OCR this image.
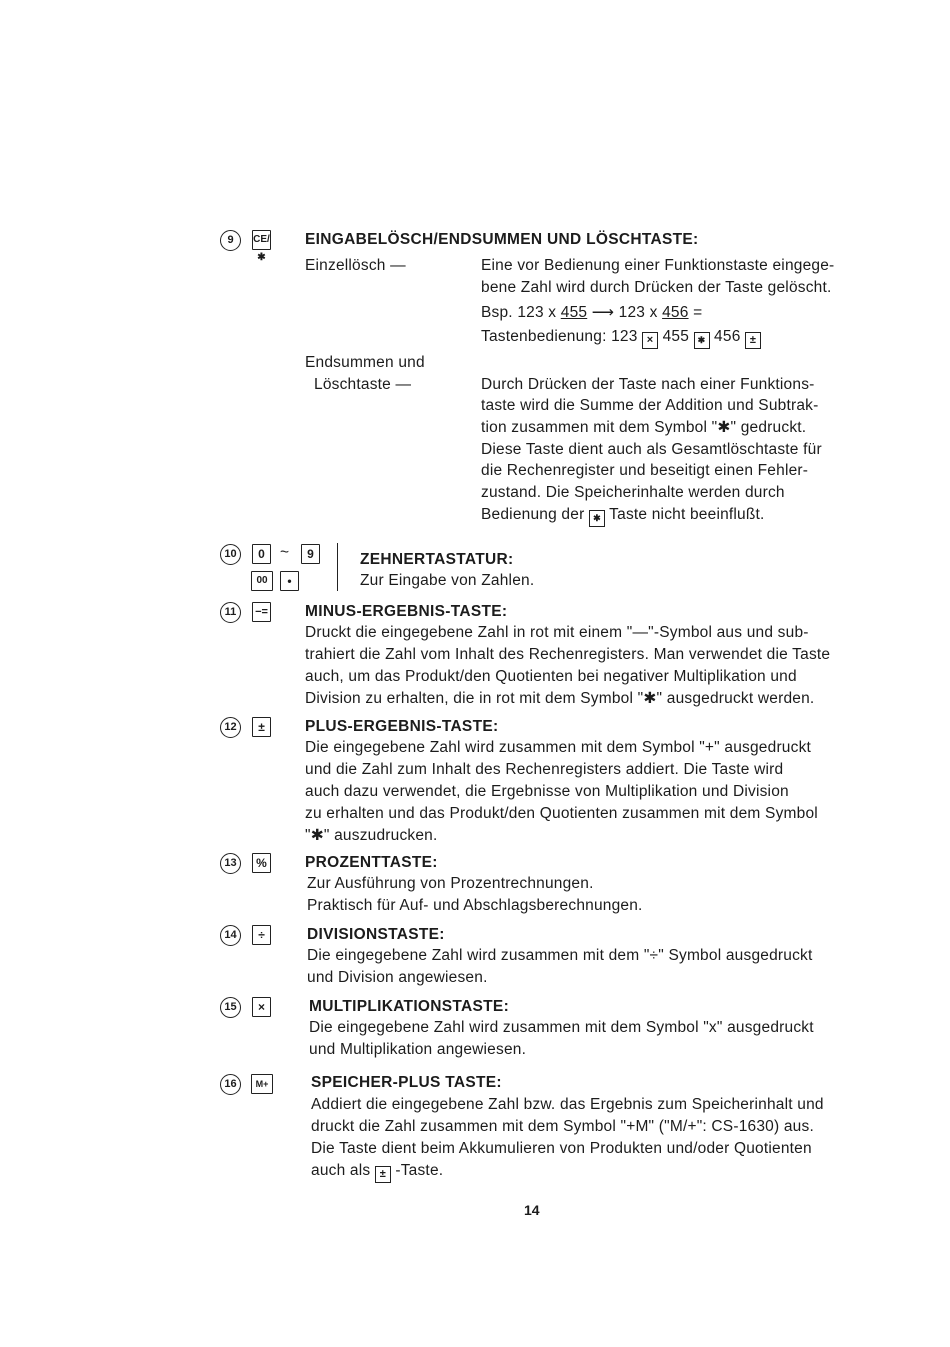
9	CE/✱
EINGABELÖSCH/ENDSUMMEN UND LÖSCHTASTE:
Einzellösch —	Eine vor Bedienung einer Funktionstaste eingege-
bene Zahl wird durch Drücken der Taste gelöscht.
Bsp. 123 x 455 ⟶ 123 x 456 =
Tastenbedienung: 123 × 455 ✱ 456 ±
Endsummen und
Löschtaste —	Durch Drücken der Taste nach einer Funktions-
taste wird die Summe der Addition und Subtrak-
tion zusammen mit dem Symbol "✱" gedruckt.
Diese Taste dient auch als Gesamtlöschtaste für
die Rechenregister und beseitigt einen Fehler-
zustand. Die Speicherinhalte werden durch
Bedienung der ✱ Taste nicht beeinflußt.
10	0 ~	9
00	•
ZEHNERTASTATUR:
Zur Eingabe von Zahlen.
11	−= MINUS-ERGEBNIS-TASTE:
Druckt die eingegebene Zahl in rot mit einem "—"-Symbol aus und sub-
trahiert die Zahl vom Inhalt des Rechenregisters. Man verwendet die Taste
auch, um das Produkt/den Quotienten bei negativer Multiplikation und
Division zu erhalten, die in rot mit dem Symbol "✱" ausgedruckt werden.
12	±	PLUS-ERGEBNIS-TASTE:
Die eingegebene Zahl wird zusammen mit dem Symbol "+" ausgedruckt
und die Zahl zum Inhalt des Rechenregisters addiert. Die Taste wird
auch dazu verwendet, die Ergebnisse von Multiplikation und Division
zu erhalten und das Produkt/den Quotienten zusammen mit dem Symbol
"✱" auszudrucken.
13	% PROZENTTASTE:
Zur Ausführung von Prozentrechnungen.
Praktisch für Auf- und Abschlagsberechnungen.
14	÷	DIVISIONSTASTE:
Die eingegebene Zahl wird zusammen mit dem "÷" Symbol ausgedruckt
und Division angewiesen.
15	×	MULTIPLIKATIONSTASTE:
Die eingegebene Zahl wird zusammen mit dem Symbol "x" ausgedruckt
und Multiplikation angewiesen.
16	M+	SPEICHER-PLUS TASTE:
Addiert die eingegebene Zahl bzw. das Ergebnis zum Speicherinhalt und
druckt die Zahl zusammen mit dem Symbol "+M" ("M/+": CS-1630) aus.
Die Taste dient beim Akkumulieren von Produkten und/oder Quotienten
auch als ± -Taste.
14
